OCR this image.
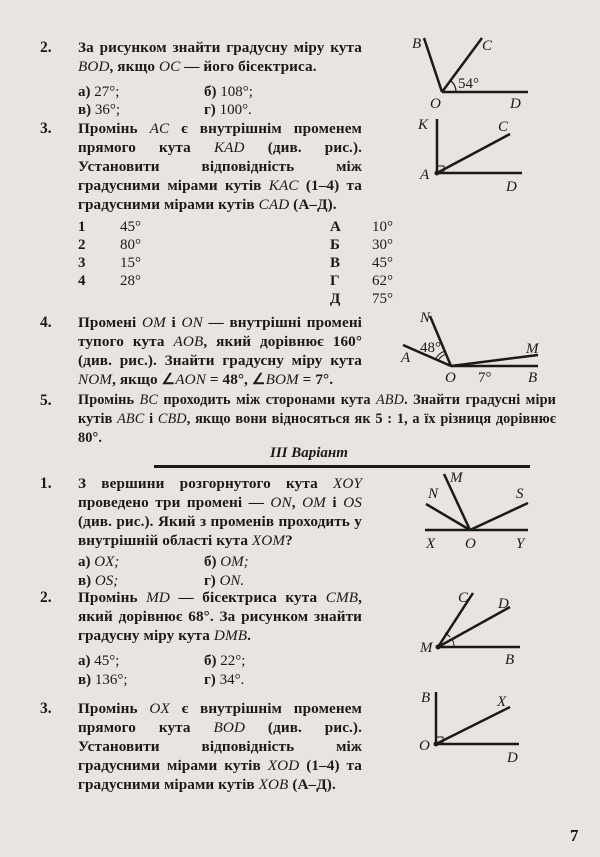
2. За рисунком знайти градусну міру кута BOD, якщо OC — його бісектриса.
а) 27°;	б) 108°;
в) 36°;	г) 100°.
B	C
O	D
54°
3. Промінь AC є внутрішнім променем прямого кута KAD (див. рис.). Установити відповідність між градусними мірами кутів KAC (1–4) та градусними мірами кутів CAD (А–Д).
1 45°
2 80°
3 15°
4 28°
А 10°
Б 30°
В 45°
Г 62°
Д 75°
K	C
A
D
4. Промені OM і ON — внутрішні промені тупого кута AOB, який дорівнює 160° (див. рис.). Знайти градусну міру кута NOM, якщо ∠AON = 48°, ∠BOM = 7°.
N
A
M
O	B
48°
7°
5. Промінь BC проходить між сторонами кута ABD. Знайти градусні міри кутів ABC і CBD, якщо вони відносяться як 5 : 1, а їх різниця дорівнює 80°.
III Варіант
1. З вершини розгорнутого кута XOY проведено три промені — ON, OM і OS (див. рис.). Який з променів проходить у внутрішній області кута XOM?
а) OX;	б) OM;
в) OS;	г) ON.
M
N	S
X O	Y
2. Промінь MD — бісектриса кута CMB, який дорівнює 68°. За рисунком знайти градусну міру кута DMB.
а) 45°;	б) 22°;
в) 136°;	г) 34°.
C D
M
B
3. Промінь OX є внутрішнім променем прямого кута BOD (див. рис.). Установити відповідність між градусними мірами кутів XOD (1–4) та градусними мірами кутів XOB (А–Д).
B	X
O
D
7
